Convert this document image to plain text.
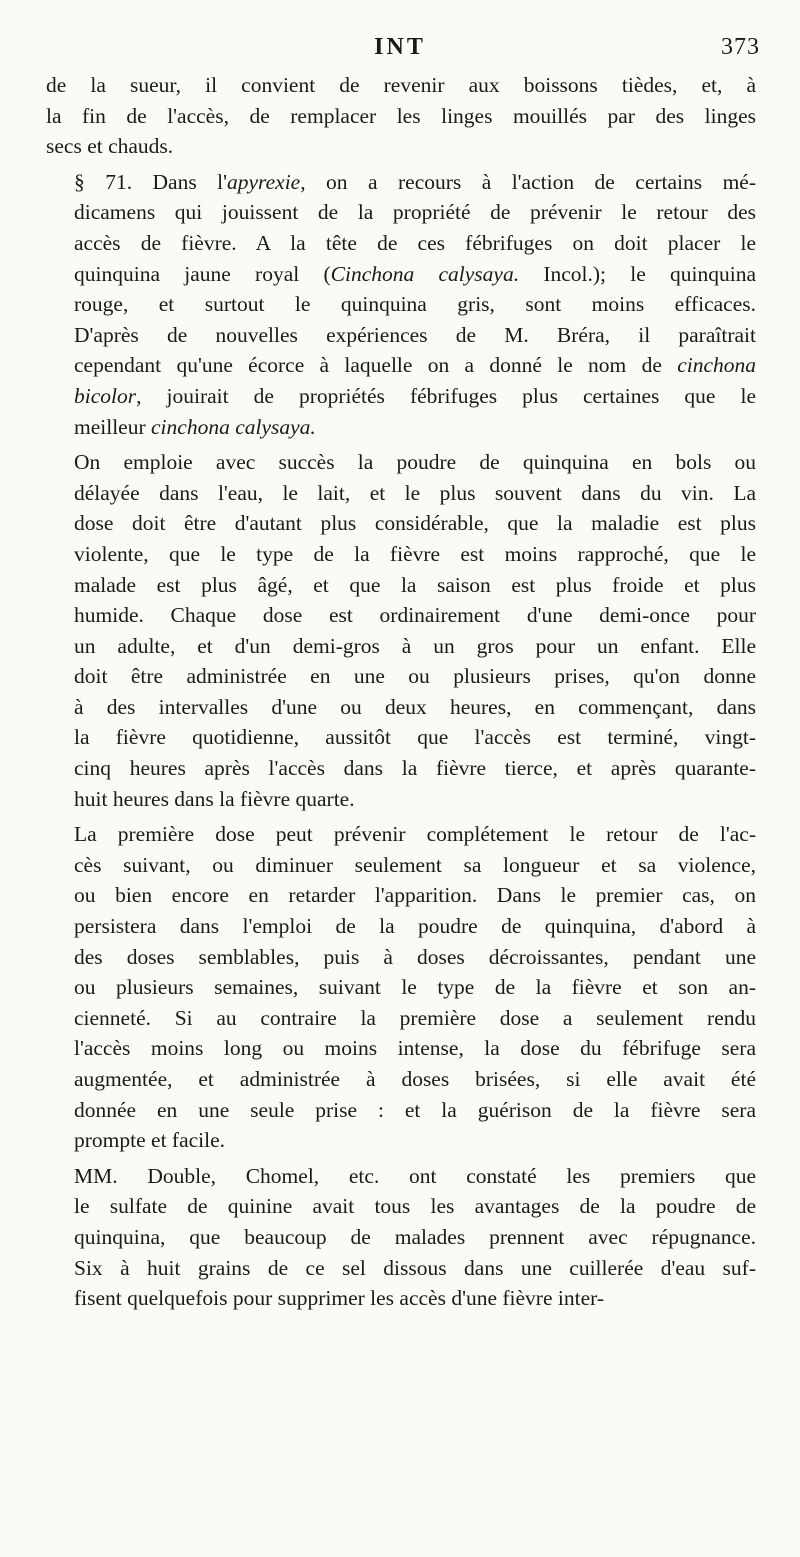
INT	373
de la sueur, il convient de revenir aux boissons tièdes, et, à
la fin de l'accès, de remplacer les linges mouillés par des linges
secs et chauds.
§ 71. Dans l'apyrexie, on a recours à l'action de certains mé-
dicamens qui jouissent de la propriété de prévenir le retour des
accès de fièvre. A la tête de ces fébrifuges on doit placer le
quinquina jaune royal (Cinchona calysaya. Incol.); le quinquina
rouge, et surtout le quinquina gris, sont moins efficaces.
D'après de nouvelles expériences de M. Bréra, il paraîtrait
cependant qu'une écorce à laquelle on a donné le nom de cinchona
bicolor, jouirait de propriétés fébrifuges plus certaines que le
meilleur cinchona calysaya.
On emploie avec succès la poudre de quinquina en bols ou
délayée dans l'eau, le lait, et le plus souvent dans du vin. La
dose doit être d'autant plus considérable, que la maladie est plus
violente, que le type de la fièvre est moins rapproché, que le
malade est plus âgé, et que la saison est plus froide et plus
humide. Chaque dose est ordinairement d'une demi-once pour
un adulte, et d'un demi-gros à un gros pour un enfant. Elle
doit être administrée en une ou plusieurs prises, qu'on donne
à des intervalles d'une ou deux heures, en commençant, dans
la fièvre quotidienne, aussitôt que l'accès est terminé, vingt-
cinq heures après l'accès dans la fièvre tierce, et après quarante-
huit heures dans la fièvre quarte.
La première dose peut prévenir complétement le retour de l'ac-
cès suivant, ou diminuer seulement sa longueur et sa violence,
ou bien encore en retarder l'apparition. Dans le premier cas, on
persistera dans l'emploi de la poudre de quinquina, d'abord à
des doses semblables, puis à doses décroissantes, pendant une
ou plusieurs semaines, suivant le type de la fièvre et son an-
cienneté. Si au contraire la première dose a seulement rendu
l'accès moins long ou moins intense, la dose du fébrifuge sera
augmentée, et administrée à doses brisées, si elle avait été
donnée en une seule prise : et la guérison de la fièvre sera
prompte et facile.
MM. Double, Chomel, etc. ont constaté les premiers que
le sulfate de quinine avait tous les avantages de la poudre de
quinquina, que beaucoup de malades prennent avec répugnance.
Six à huit grains de ce sel dissous dans une cuillerée d'eau suf-
fisent quelquefois pour supprimer les accès d'une fièvre inter-
